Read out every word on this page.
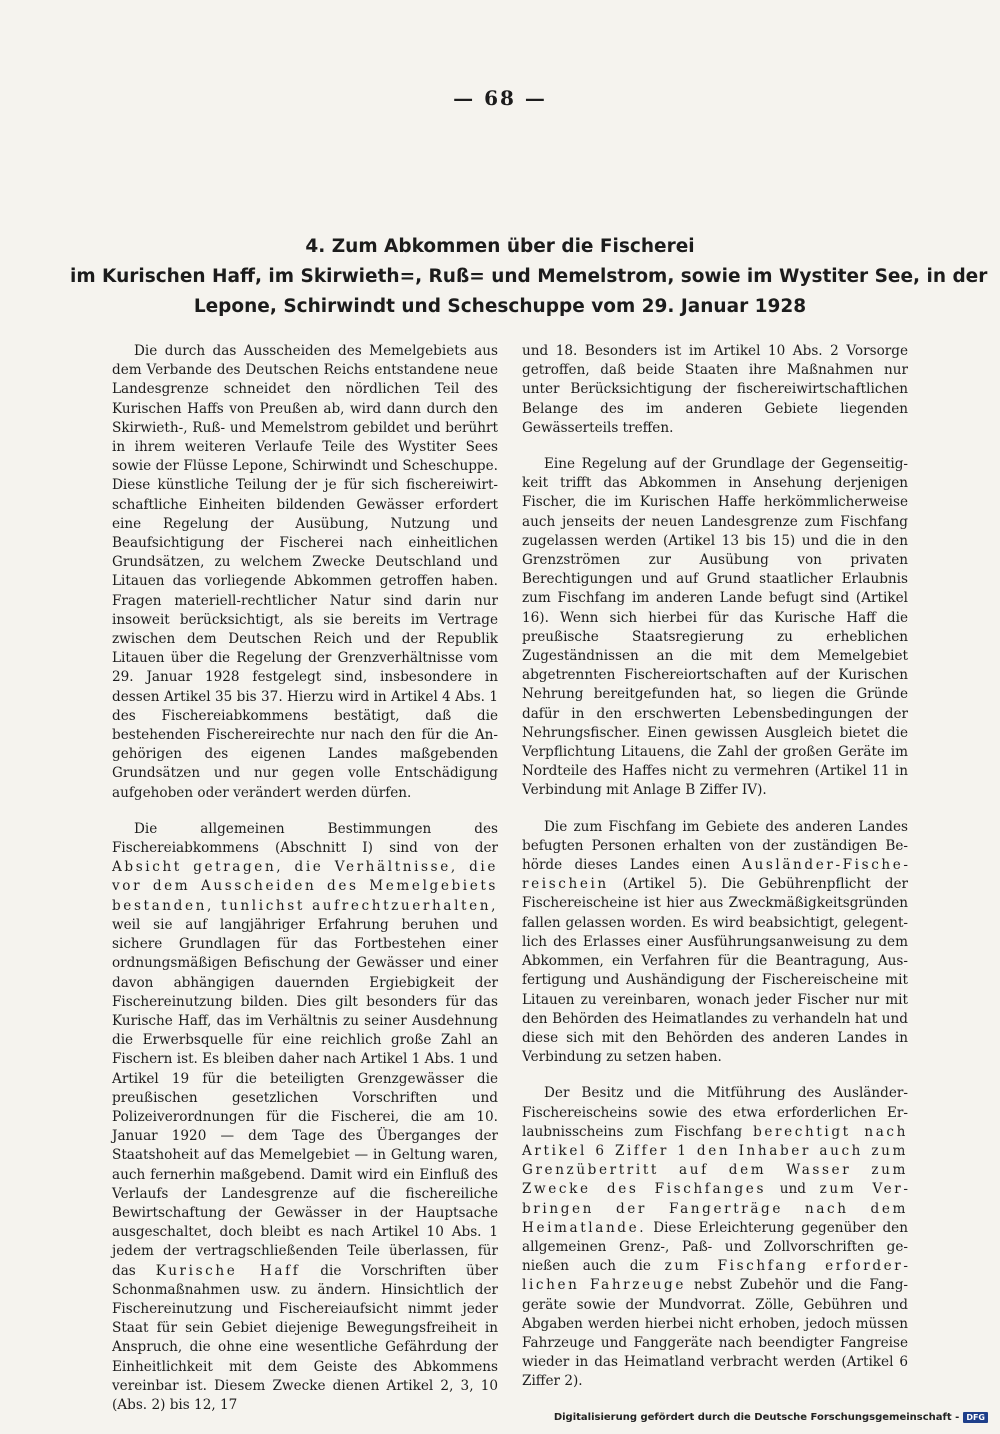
— 68 —
4. Zum Abkommen über die Fischerei
im Kurischen Haff, im Skirwieth=, Ruß= und Memelstrom, sowie im Wystiter See, in der
Lepone, Schirwindt und Scheschuppe vom 29. Januar 1928

Die durch das Ausscheiden des Memelgebiets aus dem Verbande des Deutschen Reichs entstandene neue Landesgrenze schneidet den nördlichen Teil des Kurischen Haffs von Preußen ab, wird dann durch den Skirwieth-, Ruß- und Memelstrom gebildet und berührt in ihrem weiteren Verlaufe Teile des Wystiter Sees sowie der Flüsse Lepone, Schirwindt und Scheschuppe. Diese künstliche Teilung der je für sich fischereiwirtschaftliche Einheiten bildenden Gewässer erfordert eine Regelung der Ausübung, Nutzung und Beaufsichtigung der Fischerei nach einheitlichen Grundsätzen, zu welchem Zwecke Deutschland und Litauen das vorliegende Abkommen getroffen haben. Fragen materiell-rechtlicher Natur sind darin nur insoweit berücksichtigt, als sie bereits im Vertrage zwischen dem Deutschen Reich und der Republik Litauen über die Regelung der Grenzverhältnisse vom 29. Januar 1928 festgelegt sind, insbesondere in dessen Artikel 35 bis 37. Hierzu wird in Artikel 4 Abs. 1 des Fischereiabkommens bestätigt, daß die bestehenden Fischereirechte nur nach den für die Angehörigen des eigenen Landes maßgebenden Grundsätzen und nur gegen volle Entschädigung aufgehoben oder verändert werden dürfen.

Die allgemeinen Bestimmungen des Fischereiabkommens (Abschnitt I) sind von der Absicht getragen, die Verhältnisse, die vor dem Ausscheiden des Memelgebiets bestanden, tunlichst aufrechtzuerhalten, weil sie auf langjähriger Erfahrung beruhen und sichere Grundlagen für das Fortbestehen einer ordnungsmäßigen Befischung der Gewässer und einer davon abhängigen dauernden Ergiebigkeit der Fischereinutzung bilden. Dies gilt besonders für das Kurische Haff, das im Verhältnis zu seiner Ausdehnung die Erwerbsquelle für eine reichlich große Zahl an Fischern ist. Es bleiben daher nach Artikel 1 Abs. 1 und Artikel 19 für die beteiligten Grenzgewässer die preußischen gesetzlichen Vorschriften und Polizeiverordnungen für die Fischerei, die am 10. Januar 1920 — dem Tage des Überganges der Staatshoheit auf das Memelgebiet — in Geltung waren, auch fernerhin maßgebend. Damit wird ein Einfluß des Verlaufs der Landesgrenze auf die fischereiliche Bewirtschaftung der Gewässer in der Hauptsache ausgeschaltet, doch bleibt es nach Artikel 10 Abs. 1 jedem der vertragschließenden Teile überlassen, für das Kurische Haff die Vorschriften über Schonmaßnahmen usw. zu ändern. Hinsichtlich der Fischereinutzung und Fischereiaufsicht nimmt jeder Staat für sein Gebiet diejenige Bewegungsfreiheit in Anspruch, die ohne eine wesentliche Gefährdung der Einheitlichkeit mit dem Geiste des Abkommens vereinbar ist. Diesem Zwecke dienen Artikel 2, 3, 10 (Abs. 2) bis 12, 17

und 18. Besonders ist im Artikel 10 Abs. 2 Vorsorge getroffen, daß beide Staaten ihre Maßnahmen nur unter Berücksichtigung der fischereiwirtschaftlichen Belange des im anderen Gebiete liegenden Gewässerteils treffen.

Eine Regelung auf der Grundlage der Gegenseitigkeit trifft das Abkommen in Ansehung derjenigen Fischer, die im Kurischen Haffe herkömmlicherweise auch jenseits der neuen Landesgrenze zum Fischfang zugelassen werden (Artikel 13 bis 15) und die in den Grenzströmen zur Ausübung von privaten Berechtigungen und auf Grund staatlicher Erlaubnis zum Fischfang im anderen Lande befugt sind (Artikel 16). Wenn sich hierbei für das Kurische Haff die preußische Staatsregierung zu erheblichen Zugeständnissen an die mit dem Memelgebiet abgetrennten Fischereiortschaften auf der Kurischen Nehrung bereitgefunden hat, so liegen die Gründe dafür in den erschwerten Lebensbedingungen der Nehrungsfischer. Einen gewissen Ausgleich bietet die Verpflichtung Litauens, die Zahl der großen Geräte im Nordteile des Haffes nicht zu vermehren (Artikel 11 in Verbindung mit Anlage B Ziffer IV).

Die zum Fischfang im Gebiete des anderen Landes befugten Personen erhalten von der zuständigen Behörde dieses Landes einen Ausländer-Fischereischein (Artikel 5). Die Gebührenpflicht der Fischereischeine ist hier aus Zweckmäßigkeitsgründen fallen gelassen worden. Es wird beabsichtigt, gelegentlich des Erlasses einer Ausführungsanweisung zu dem Abkommen, ein Verfahren für die Beantragung, Ausfertigung und Aushändigung der Fischereischeine mit Litauen zu vereinbaren, wonach jeder Fischer nur mit den Behörden des Heimatlandes zu verhandeln hat und diese sich mit den Behörden des anderen Landes in Verbindung zu setzen haben.

Der Besitz und die Mitführung des Ausländer-Fischereischeins sowie des etwa erforderlichen Erlaubnisscheins zum Fischfang berechtigt nach Artikel 6 Ziffer 1 den Inhaber auch zum Grenzübertritt auf dem Wasser zum Zwecke des Fischfanges und zum Verbringen der Fangerträge nach dem Heimatlande. Diese Erleichterung gegenüber den allgemeinen Grenz-, Paß- und Zollvorschriften genießen auch die zum Fischfang erforderlichen Fahrzeuge nebst Zubehör und die Fanggeräte sowie der Mundvorrat. Zölle, Gebühren und Abgaben werden hierbei nicht erhoben, jedoch müssen Fahrzeuge und Fanggeräte nach beendigter Fangreise wieder in das Heimatland verbracht werden (Artikel 6 Ziffer 2).

Digitalisierung gefördert durch die Deutsche Forschungsgemeinschaft - DFG
